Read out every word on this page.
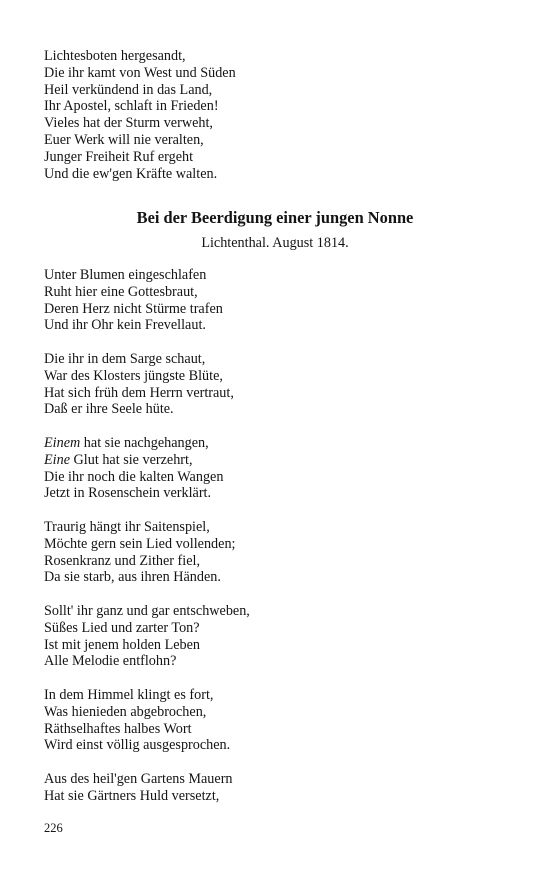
Lichtesboten hergesandt,
Die ihr kamt von West und Süden
Heil verkündend in das Land,
Ihr Apostel, schlaft in Frieden!
Vieles hat der Sturm verweht,
Euer Werk will nie veralten,
Junger Freiheit Ruf ergeht
Und die ew'gen Kräfte walten.
Bei der Beerdigung einer jungen Nonne
Lichtenthal. August 1814.
Unter Blumen eingeschlafen
Ruht hier eine Gottesbraut,
Deren Herz nicht Stürme trafen
Und ihr Ohr kein Frevellaut.
Die ihr in dem Sarge schaut,
War des Klosters jüngste Blüte,
Hat sich früh dem Herrn vertraut,
Daß er ihre Seele hüte.
Einem hat sie nachgehangen,
Eine Glut hat sie verzehrt,
Die ihr noch die kalten Wangen
Jetzt in Rosenschein verklärt.
Traurig hängt ihr Saitenspiel,
Möchte gern sein Lied vollenden;
Rosenkranz und Zither fiel,
Da sie starb, aus ihren Händen.
Sollt' ihr ganz und gar entschweben,
Süßes Lied und zarter Ton?
Ist mit jenem holden Leben
Alle Melodie entflohn?
In dem Himmel klingt es fort,
Was hienieden abgebrochen,
Räthselhaftes halbes Wort
Wird einst völlig ausgesprochen.
Aus des heil'gen Gartens Mauern
Hat sie Gärtners Huld versetzt,
226
